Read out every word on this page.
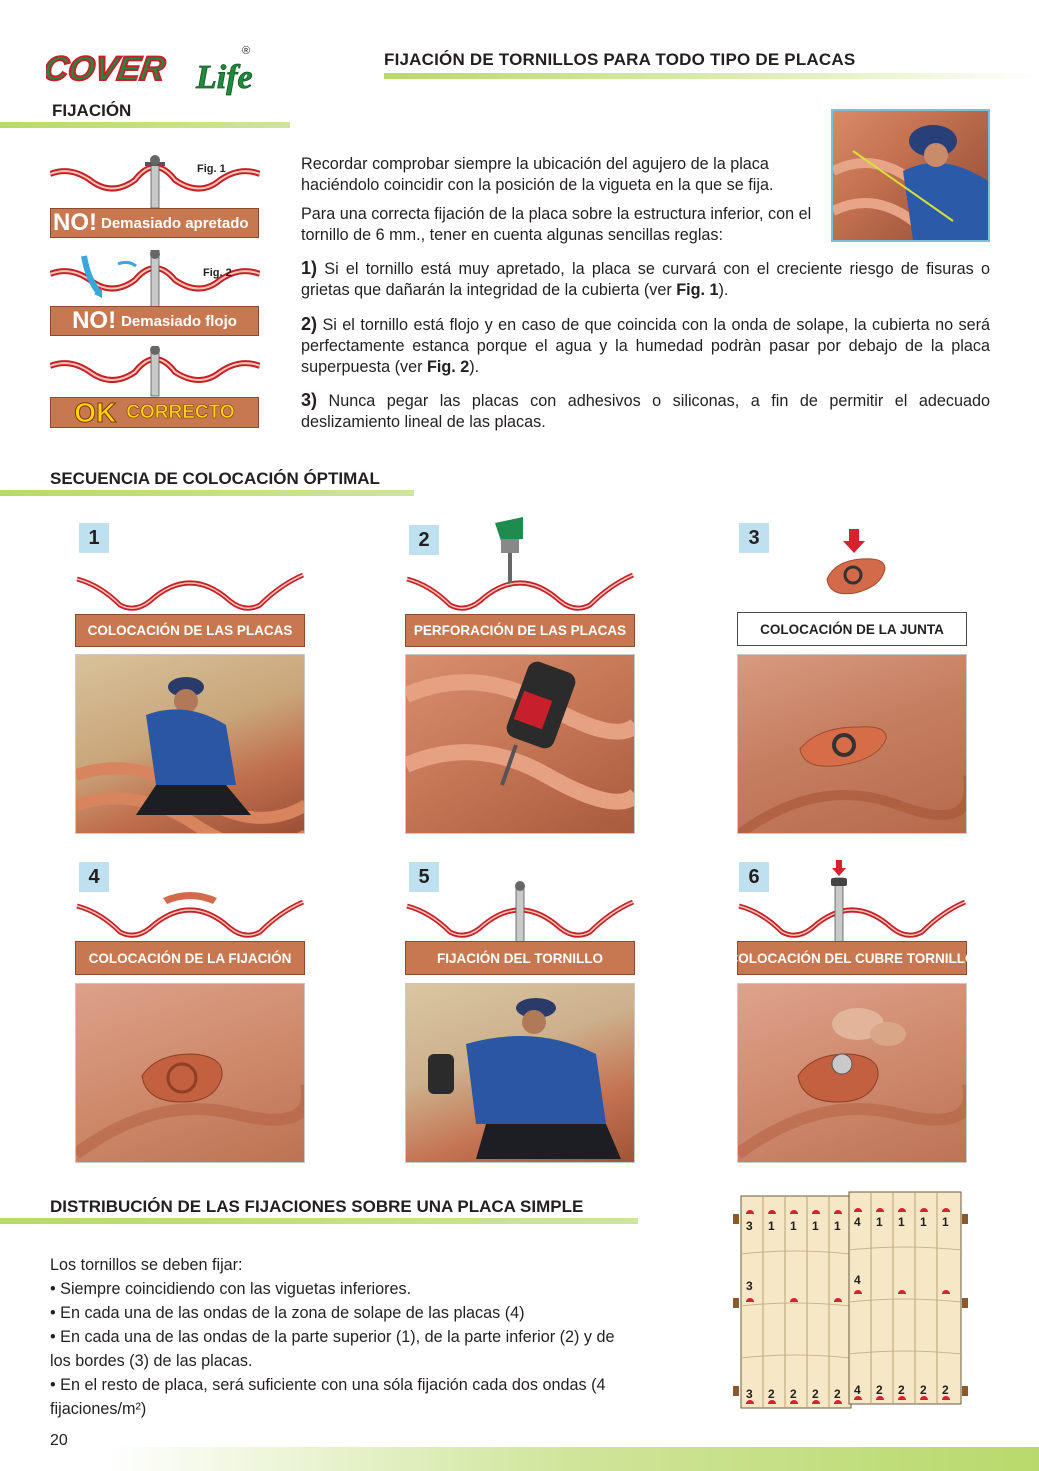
COVER Life
®	FIJACIÓN DE TORNILLOS PARA TODO TIPO DE PLACAS
FIJACIÓN
Fig. 1
NO! Demasiado apretado
Fig. 2
NO! Demasiado flojo
OK CORRECTO
Recordar comprobar siempre la ubicación del agujero de la placa haciéndolo coincidir con la posición de la vigueta en la que se fija.
Para una correcta fijación de la placa sobre la estructura inferior, con el tornillo de 6 mm., tener en cuenta algunas sencillas reglas:
1) Si el tornillo está muy apretado, la placa se curvará con el creciente riesgo de fisuras o grietas que dañarán la integridad de la cubierta (ver Fig. 1).
2) Si el tornillo está flojo y en caso de que coincida con la onda de solape, la cubierta no será perfectamente estanca porque el agua y la humedad podràn pasar por debajo de la placa superpuesta (ver Fig. 2).
3) Nunca pegar las placas con adhesivos o siliconas, a fin de permitir el adecuado deslizamiento lineal de las placas.
SECUENCIA DE COLOCACIÓN ÓPTIMAL
1
COLOCACIÓN DE LAS PLACAS
2
PERFORACIÓN DE LAS PLACAS
3
COLOCACIÓN DE LA JUNTA
4
COLOCACIÓN DE LA FIJACIÓN
5
FIJACIÓN DEL TORNILLO
6
COLOCACIÓN DEL CUBRE TORNILLO
DISTRIBUCIÓN DE LAS FIJACIONES SOBRE UNA PLACA SIMPLE
Los tornillos se deben fijar:
• Siempre coincidiendo con las viguetas inferiores.
• En cada una de las ondas de la zona de solape de las placas (4)
• En cada una de las ondas de la parte superior (1), de la parte inferior (2) y de los bordes (3) de las placas.
• En el resto de placa, será suficiente con una sóla fijación cada dos ondas (4 fijaciones/m²)
3 1 1 1 1 4 1 1 1 1
3	4
3 2 2 2 2 4 2 2 2 2
20
